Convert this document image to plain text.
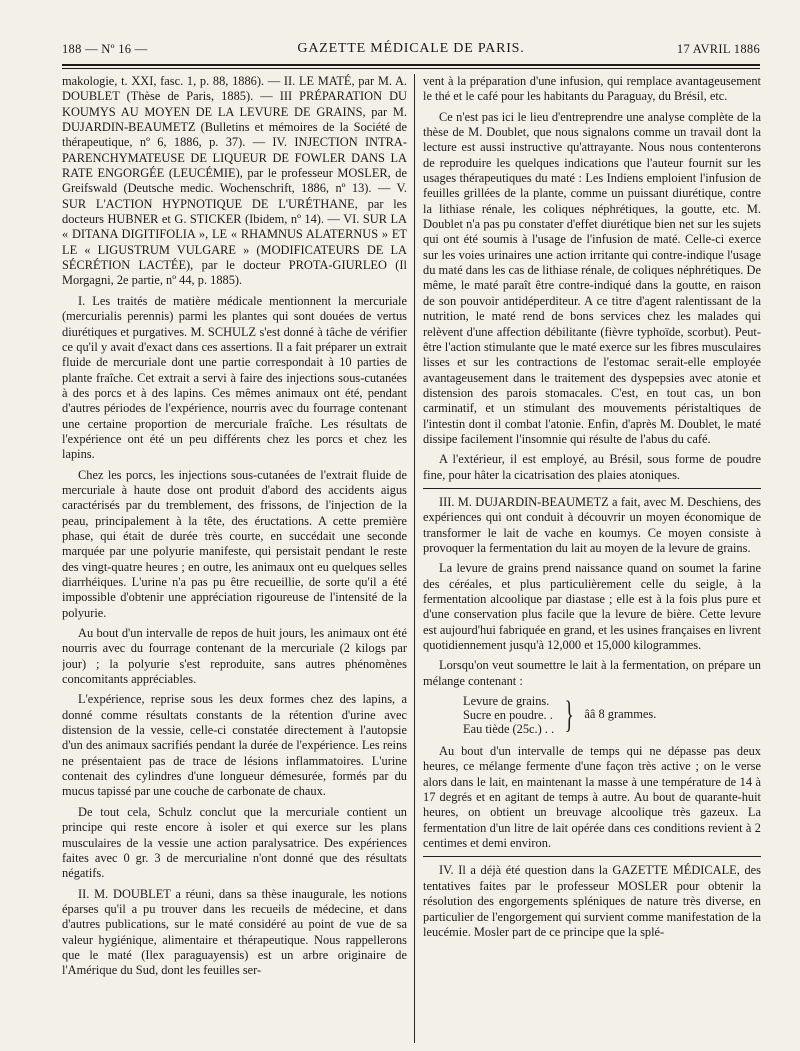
188 — Nº 16 —	GAZETTE MÉDICALE DE PARIS.	17 AVRIL 1886

makologie, t. XXI, fasc. 1, p. 88, 1886). — II. LE MATÉ, par M. A. DOUBLET (Thèse de Paris, 1885). — III PRÉPARATION DU KOUMYS AU MOYEN DE LA LEVURE DE GRAINS, par M. DUJARDIN-BEAUMETZ (Bulletins et mémoires de la Société de thérapeutique, nº 6, 1886, p. 37). — IV. INJECTION INTRA-PARENCHYMATEUSE DE LIQUEUR DE FOWLER DANS LA RATE ENGORGÉE (LEUCÉMIE), par le professeur MOSLER, de Greifswald (Deutsche medic. Wochenschrift, 1886, nº 13). — V. SUR L'ACTION HYPNOTIQUE DE L'URÉTHANE, par les docteurs HUBNER et G. STICKER (Ibidem, nº 14). — VI. SUR LA « DITANA DIGITIFOLIA », LE « RHAMNUS ALATERNUS » ET LE « LIGUSTRUM VULGARE » (MODIFICATEURS DE LA SÉCRÉTION LACTÉE), par le docteur PROTA-GIURLEO (Il Morgagni, 2e partie, nº 44, p. 1885).

I. Les traités de matière médicale mentionnent la mercuriale (mercurialis perennis) parmi les plantes qui sont douées de vertus diurétiques et purgatives. M. SCHULZ s'est donné à tâche de vérifier ce qu'il y avait d'exact dans ces assertions. Il a fait préparer un extrait fluide de mercuriale dont une partie correspondait à 10 parties de plante fraîche. Cet extrait a servi à faire des injections sous-cutanées à des porcs et à des lapins. Ces mêmes animaux ont été, pendant d'autres périodes de l'expérience, nourris avec du fourrage contenant une certaine proportion de mercuriale fraîche. Les résultats de l'expérience ont été un peu différents chez les porcs et chez les lapins.

Chez les porcs, les injections sous-cutanées de l'extrait fluide de mercuriale à haute dose ont produit d'abord des accidents aigus caractérisés par du tremblement, des frissons, de l'injection de la peau, principalement à la tête, des éructations. A cette première phase, qui était de durée très courte, en succédait une seconde marquée par une polyurie manifeste, qui persistait pendant le reste des vingt-quatre heures ; en outre, les animaux ont eu quelques selles diarrhéiques. L'urine n'a pas pu être recueillie, de sorte qu'il a été impossible d'obtenir une appréciation rigoureuse de l'intensité de la polyurie.

Au bout d'un intervalle de repos de huit jours, les animaux ont été nourris avec du fourrage contenant de la mercuriale (2 kilogs par jour) ; la polyurie s'est reproduite, sans autres phénomènes concomitants appréciables.

L'expérience, reprise sous les deux formes chez des lapins, a donné comme résultats constants de la rétention d'urine avec distension de la vessie, celle-ci constatée directement à l'autopsie d'un des animaux sacrifiés pendant la durée de l'expérience. Les reins ne présentaient pas de trace de lésions inflammatoires. L'urine contenait des cylindres d'une longueur démesurée, formés par du mucus tapissé par une couche de carbonate de chaux.

De tout cela, Schulz conclut que la mercuriale contient un principe qui reste encore à isoler et qui exerce sur les plans musculaires de la vessie une action paralysatrice. Des expériences faites avec 0 gr. 3 de mercurialine n'ont donné que des résultats négatifs.

II. M. DOUBLET a réuni, dans sa thèse inaugurale, les notions éparses qu'il a pu trouver dans les recueils de médecine, et dans d'autres publications, sur le maté considéré au point de vue de sa valeur hygiénique, alimentaire et thérapeutique. Nous rappellerons que le maté (Ilex paraguayensis) est un arbre originaire de l'Amérique du Sud, dont les feuilles ser-

vent à la préparation d'une infusion, qui remplace avantageusement le thé et le café pour les habitants du Paraguay, du Brésil, etc.

Ce n'est pas ici le lieu d'entreprendre une analyse complète de la thèse de M. Doublet, que nous signalons comme un travail dont la lecture est aussi instructive qu'attrayante. Nous nous contenterons de reproduire les quelques indications que l'auteur fournit sur les usages thérapeutiques du maté : Les Indiens emploient l'infusion de feuilles grillées de la plante, comme un puissant diurétique, contre la lithiase rénale, les coliques néphrétiques, la goutte, etc. M. Doublet n'a pas pu constater d'effet diurétique bien net sur les sujets qui ont été soumis à l'usage de l'infusion de maté. Celle-ci exerce sur les voies urinaires une action irritante qui contre-indique l'usage du maté dans les cas de lithiase rénale, de coliques néphrétiques. De même, le maté paraît être contre-indiqué dans la goutte, en raison de son pouvoir antidéperditeur. A ce titre d'agent ralentissant de la nutrition, le maté rend de bons services chez les malades qui relèvent d'une affection débilitante (fièvre typhoïde, scorbut). Peut-être l'action stimulante que le maté exerce sur les fibres musculaires lisses et sur les contractions de l'estomac serait-elle employée avantageusement dans le traitement des dyspepsies avec atonie et distension des parois stomacales. C'est, en tout cas, un bon carminatif, et un stimulant des mouvements péristaltiques de l'intestin dont il combat l'atonie. Enfin, d'après M. Doublet, le maté dissipe facilement l'insomnie qui résulte de l'abus du café.

A l'extérieur, il est employé, au Brésil, sous forme de poudre fine, pour hâter la cicatrisation des plaies atoniques.

III. M. DUJARDIN-BEAUMETZ a fait, avec M. Deschiens, des expériences qui ont conduit à découvrir un moyen économique de transformer le lait de vache en koumys. Ce moyen consiste à provoquer la fermentation du lait au moyen de la levure de grains.

La levure de grains prend naissance quand on soumet la farine des céréales, et plus particulièrement celle du seigle, à la fermentation alcoolique par diastase ; elle est à la fois plus pure et d'une conservation plus facile que la levure de bière. Cette levure est aujourd'hui fabriquée en grand, et les usines françaises en livrent quotidiennement jusqu'à 12,000 et 15,000 kilogrammes.

Lorsqu'on veut soumettre le lait à la fermentation, on prépare un mélange contenant :

Levure de grains.
Sucre en poudre. .
Eau tiède (25c.) . . } ââ 8 grammes.

Au bout d'un intervalle de temps qui ne dépasse pas deux heures, ce mélange fermente d'une façon très active ; on le verse alors dans le lait, en maintenant la masse à une température de 14 à 17 degrés et en agitant de temps à autre. Au bout de quarante-huit heures, on obtient un breuvage alcoolique très gazeux. La fermentation d'un litre de lait opérée dans ces conditions revient à 2 centimes et demi environ.

IV. Il a déjà été question dans la GAZETTE MÉDICALE, des tentatives faites par le professeur MOSLER pour obtenir la résolution des engorgements spléniques de nature très diverse, en particulier de l'engorgement qui survient comme manifestation de la leucémie. Mosler part de ce principe que la splé-
